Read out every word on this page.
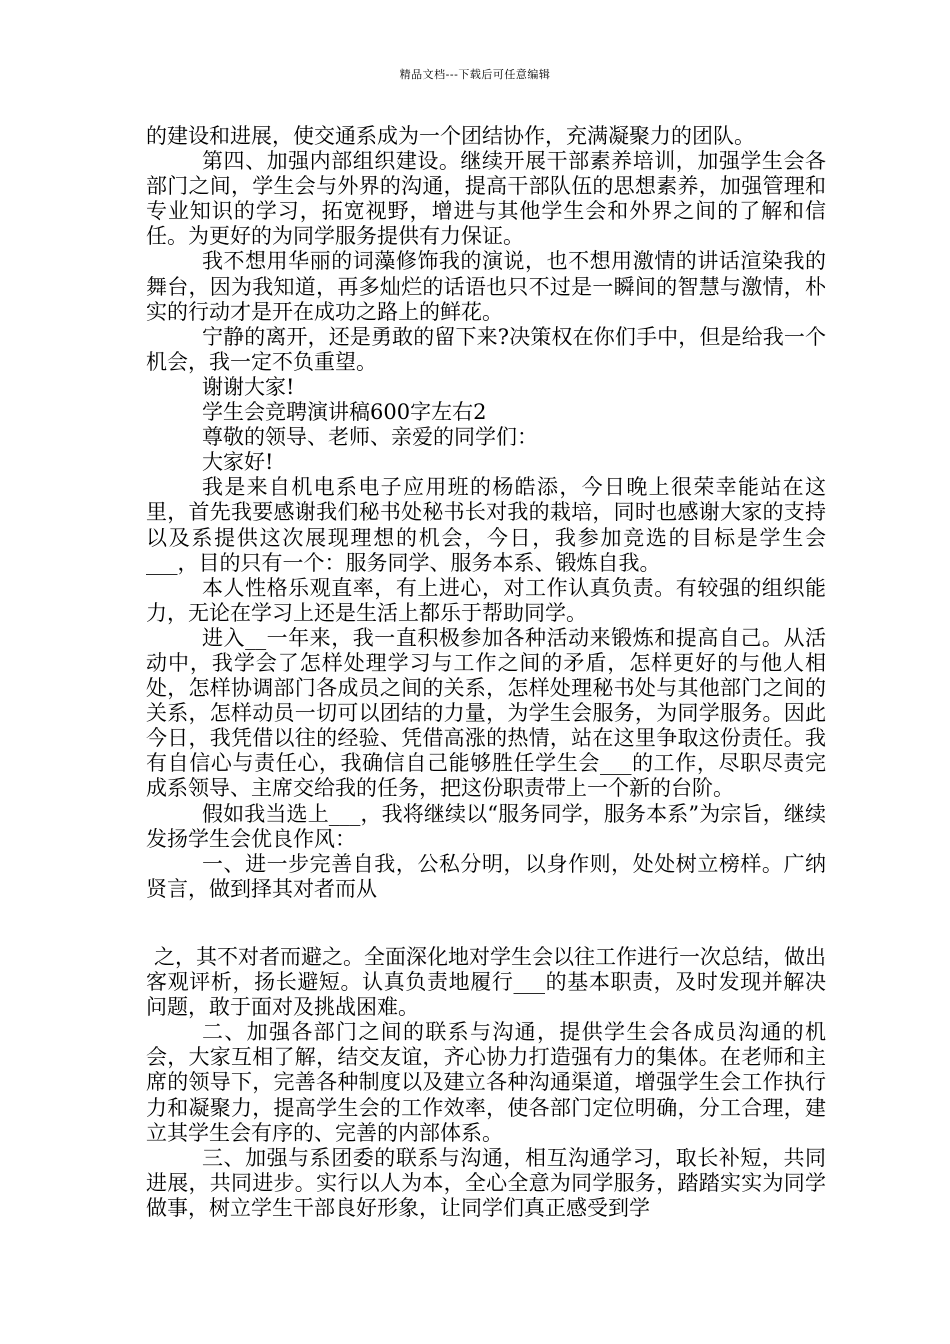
精品文档---下载后可任意编辑

的建设和进展，使交通系成为一个团结协作，充满凝聚力的团队。

第四、加强内部组织建设。继续开展干部素养培训，加强学生会各部门之间，学生会与外界的沟通，提高干部队伍的思想素养，加强管理和专业知识的学习，拓宽视野，增进与其他学生会和外界之间的了解和信任。为更好的为同学服务提供有力保证。

我不想用华丽的词藻修饰我的演说，也不想用激情的讲话渲染我的舞台，因为我知道，再多灿烂的话语也只不过是一瞬间的智慧与激情，朴实的行动才是开在成功之路上的鲜花。

宁静的离开，还是勇敢的留下来?决策权在你们手中，但是给我一个机会，我一定不负重望。

谢谢大家!

学生会竞聘演讲稿600字左右2

尊敬的领导、老师、亲爱的同学们：

大家好!

我是来自机电系电子应用班的杨皓添，今日晚上很荣幸能站在这里，首先我要感谢我们秘书处秘书长对我的栽培，同时也感谢大家的支持以及系提供这次展现理想的机会，今日，我参加竞选的目标是学生会___，目的只有一个：服务同学、服务本系、锻炼自我。

本人性格乐观直率，有上进心，对工作认真负责。有较强的组织能力，无论在学习上还是生活上都乐于帮助同学。

进入__一年来，我一直积极参加各种活动来锻炼和提高自己。从活动中，我学会了怎样处理学习与工作之间的矛盾，怎样更好的与他人相处，怎样协调部门各成员之间的关系，怎样处理秘书处与其他部门之间的关系，怎样动员一切可以团结的力量，为学生会服务，为同学服务。因此今日，我凭借以往的经验、凭借高涨的热情，站在这里争取这份责任。我有自信心与责任心，我确信自己能够胜任学生会___的工作，尽职尽责完成系领导、主席交给我的任务，把这份职责带上一个新的台阶。

假如我当选上___，我将继续以“服务同学，服务本系”为宗旨，继续发扬学生会优良作风：

一、进一步完善自我，公私分明，以身作则，处处树立榜样。广纳贤言，做到择其对者而从

之，其不对者而避之。全面深化地对学生会以往工作进行一次总结，做出客观评析，扬长避短。认真负责地履行___的基本职责，及时发现并解决问题，敢于面对及挑战困难。

二、加强各部门之间的联系与沟通，提供学生会各成员沟通的机会，大家互相了解，结交友谊，齐心协力打造强有力的集体。在老师和主席的领导下，完善各种制度以及建立各种沟通渠道，增强学生会工作执行力和凝聚力，提高学生会的工作效率，使各部门定位明确，分工合理，建立其学生会有序的、完善的内部体系。

三、加强与系团委的联系与沟通，相互沟通学习，取长补短，共同进展，共同进步。实行以人为本，全心全意为同学服务，踏踏实实为同学做事，树立学生干部良好形象，让同学们真正感受到学
